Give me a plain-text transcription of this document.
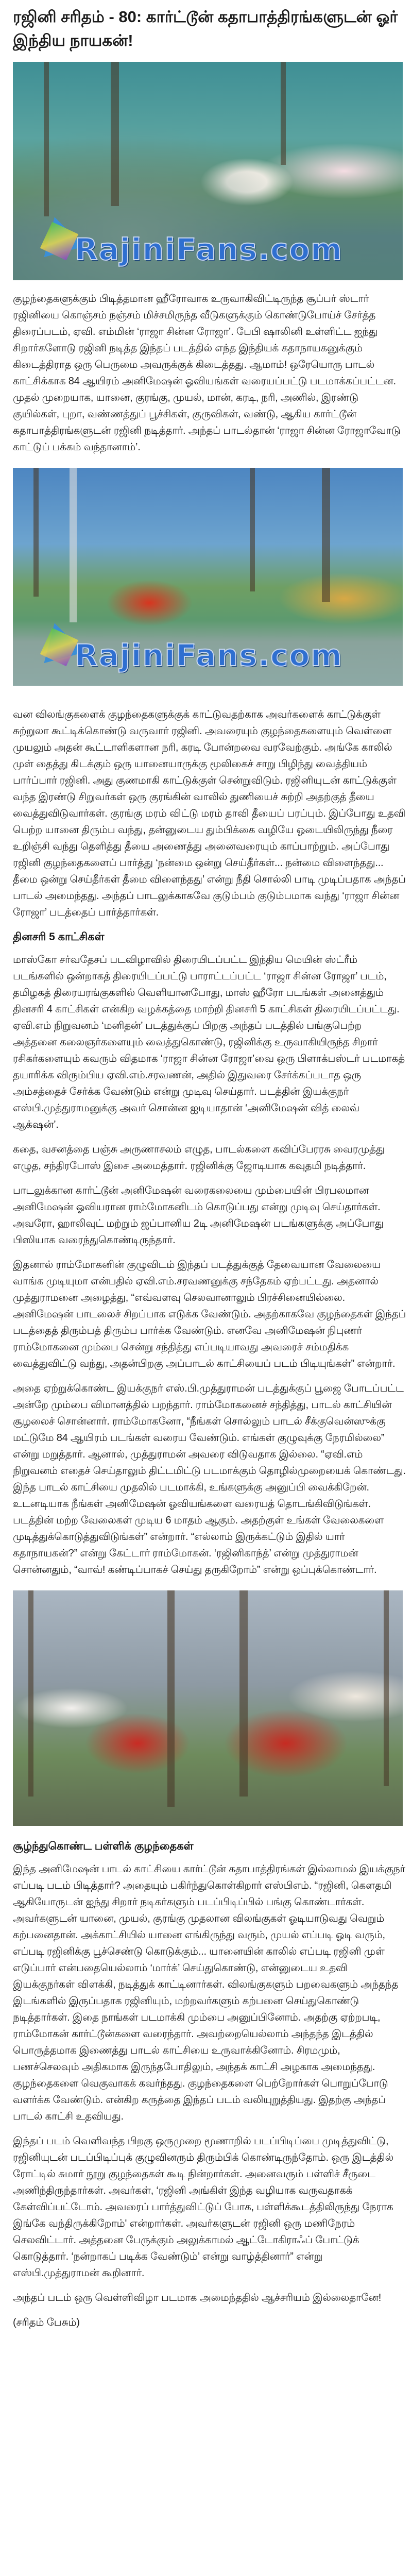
ரஜினி சரிதம் - 80: கார்ட்டூன் கதாபாத்திரங்களுடன் ஓர் இந்திய நாயகன்!
RajiniFans.com

குழந்தைகளுக்கும் பிடித்தமான ஹீரோவாக உருவாகிவிட்டிருந்த சூப்பர் ஸ்டார் ரஜினியை கொஞ்சம் நஞ்சம் மிச்சமிருந்த வீடுகளுக்கும் கொண்டுபோய்ச் சேர்த்த திரைப்படம், ஏவி. எம்மின் ‘ராஜா சின்ன ரோஜா’. பேபி ஷாலினி உள்ளிட்ட ஐந்து சிறார்களோடு ரஜினி நடித்த இந்தப் படத்தில் எந்த இந்தியக் கதாநாயகனுக்கும் கிடைத்திராத ஒரு பெருமை அவருக்குக் கிடைத்தது. ஆமாம்! ஒரேயொரு பாடல் காட்சிக்காக 84 ஆயிரம் அனிமேஷன் ஓவியங்கள் வரையப்பட்டு படமாக்கப்பட்டன. முதல் முறையாக, யானை, குரங்கு, முயல், மான், கரடி, நரி, அணில், இரண்டு குயில்கள், புறா, வண்ணத்துப் பூச்சிகள், குருவிகள், வண்டு, ஆகிய கார்ட்டூன் கதாபாத்திரங்களுடன் ரஜினி நடித்தார். அந்தப் பாடல்தான் ‘ராஜா சின்ன ரோஜாவோடு காட்டுப் பக்கம் வந்தானாம்’.

RajiniFans.com

வன விலங்குகளைக் குழந்தைகளுக்குக் காட்டுவதற்காக அவர்களைக் காட்டுக்குள் சுற்றுலா கூட்டிக்கொண்டு வருவார் ரஜினி. அவரையும் குழந்தைகளையும் வெள்ளை முயலும் அதன் கூட்டாளிகளான நரி, கரடி போன்றவை வரவேற்கும். அங்கே காலில் முள் தைத்து கிடக்கும் ஒரு யானையாருக்கு மூலிகைச் சாறு பிழிந்து வைத்தியம் பார்ப்பார் ரஜினி. அது குணமாகி காட்டுக்குள் சென்றுவிடும். ரஜினியுடன் காட்டுக்குள் வந்த இரண்டு சிறுவர்கள் ஒரு குரங்கின் வாலில் துணியைச் சுற்றி அதற்குத் தீயை வைத்துவிடுவார்கள். குரங்கு மரம் விட்டு மரம் தாவி தீயைப் பரப்பும். இப்போது உதவி பெற்ற யானை திரும்ப வந்து, தன்னுடைய தும்பிக்கை வழியே ஓடையிலிருந்து நீரை உறிஞ்சி வந்து தெளித்து தீயை அணைத்து அனைவரையும் காப்பாற்றும். அப்போது ரஜினி குழந்தைகளைப் பார்த்து ‘நன்மை ஒன்று செய்தீர்கள்... நன்மை விளைந்தது... தீமை ஒன்று செய்தீர்கள் தீமை விளைந்தது’ என்று நீதி சொல்லி பாடி முடிப்பதாக அந்தப் பாடல் அமைந்தது. அந்தப் பாடலுக்காகவே குடும்பம் குடும்பமாக வந்து ‘ராஜா சின்ன ரோஜா’ படத்தைப் பார்த்தார்கள்.

தினசரி 5 காட்சிகள்

மாஸ்கோ சர்வதேசப் படவிழாவில் திரையிடப்பட்ட இந்திய மெயின் ஸ்ட்ரீம் படங்களில் ஒன்றாகத் திரையிடப்பட்டு பாராட்டப்பட்ட ‘ராஜா சின்ன ரோஜா’ படம், தமிழகத் திரையரங்குகளில் வெளியானபோது, மாஸ் ஹீரோ படங்கள் அனைத்தும் தினசரி 4 காட்சிகள் என்கிற வழக்கத்தை மாற்றி தினசரி 5 காட்சிகள் திரையிடப்பட்டது. ஏவி.எம் நிறுவனம் ‘மனிதன்’ படத்துக்குப் பிறகு அந்தப் படத்தில் பங்குபெற்ற அத்தனை கலைஞர்களையும் வைத்துகொண்டு, ரஜினிக்கு உருவாகியிருந்த சிறார் ரசிகர்களையும் கவரும் விதமாக ‘ராஜா சின்ன ரோஜா’வை ஒரு பிளாக்பஸ்டர் படமாகத் தயாரிக்க விரும்பிய ஏவி.எம்.சரவணன், அதில் இதுவரை சேர்க்கப்படாத ஒரு அம்சத்தைச் சேர்க்க வேண்டும் என்று முடிவு செய்தார். படத்தின் இயக்குநர் எஸ்பி.முத்துராமனுக்கு அவர் சொன்ன ஐடியாதான் ‘அனிமேஷன் வித் லைவ் ஆக்‌ஷன்’.

கதை, வசனத்தை பஞ்சு அருணாசலம் எழுத, பாடல்களை கவிப்பேரரசு வைரமுத்து எழுத, சந்திரபோஸ் இசை அமைத்தார். ரஜினிக்கு ஜோடியாக கவுதமி நடித்தார்.

பாடலுக்கான கார்ட்டூன் அனிமேஷன் வரைகலையை மும்பையின் பிரபலமான அனிமேஷன் ஓவியரான ராம்மோகனிடம் கொடுப்பது என்று முடிவு செய்தார்கள். அவரோ, ஹாலிவுட் மற்றும் ஜப்பானிய 2டி அனிமேஷன் படங்களுக்கு அப்போது பிஸியாக வரைந்துகொண்டிருந்தார்.

இதனால் ராம்மோகனின் குழுவிடம் இந்தப் படத்துக்குத் தேவையான வேலையை வாங்க முடியுமா என்பதில் ஏவி.எம்.சரவணனுக்கு சந்தேகம் ஏற்பட்டது. அதனால் முத்துராமனை அழைத்து, “எவ்வளவு செலவானாலும் பிரச்சினையில்லை. அனிமேஷன் பாடலைச் சிறப்பாக எடுக்க வேண்டும். அதற்காகவே குழந்தைகள் இந்தப் படத்தைத் திரும்பத் திரும்ப பார்க்க வேண்டும். எனவே அனிமேஷன் நிபுணர் ராம்மோகனை மும்பை சென்று சந்தித்து எப்படியாவது அவரைச் சம்மதிக்க வைத்துவிட்டு வந்து, அதன்பிறகு அப்பாடல் காட்சியைப் படம் பிடியுங்கள்” என்றார்.

அதை ஏற்றுக்கொண்ட இயக்குநர் எஸ்.பி.முத்துராமன் படத்துக்குப் பூஜை போடப்பட்ட அன்றே மும்பை விமானத்தில் பறந்தார். ராம்மோகனைச் சந்தித்து, பாடல் காட்சியின் சூழலைச் சொன்னார். ராம்மோகனோ, “நீங்கள் சொல்லும் பாடல் சீக்குவென்ஸுக்கு மட்டுமே 84 ஆயிரம் படங்கள் வரைய வேண்டும். எங்கள் குழுவுக்கு நேரமில்லை” என்று மறுத்தார். ஆனால், முத்துராமன் அவரை விடுவதாக இல்லை. “ஏவி.எம் நிறுவனம் எதைச் செய்தாலும் திட்டமிட்டு படமாக்கும் தொழில்முறையைக் கொண்டது. இந்த பாடல் காட்சியை முதலில் படமாக்கி, உங்களுக்கு அனுப்பி வைக்கிறேன். உடனடியாக நீங்கள் அனிமேஷன் ஓவியங்களை வரையத் தொடங்கிவிடுங்கள். படத்தின் மற்ற வேலைகள் முடிய 6 மாதம் ஆகும். அதற்குள் உங்கள் வேலைகளை முடித்துக்கொடுத்துவிடுங்கள்” என்றார். “எல்லாம் இருக்கட்டும் இதில் யார் கதாநாயகன்?” என்று கேட்டார் ராம்மோகன். ‘ரஜினிகாந்த்’ என்று முத்துராமன் சொன்னதும், “வாவ்! கண்டிப்பாகச் செய்து தருகிறோம்” என்று ஒப்புக்கொண்டார்.

சூழ்ந்துகொண்ட பள்ளிக் குழந்தைகள்

இந்த அனிமேஷன் பாடல் காட்சியை கார்ட்டூன் கதாபாத்திரங்கள் இல்லாமல் இயக்குநர் எப்படி படம் பிடித்தார்? அதையும் பகிர்ந்துகொள்கிறார் எஸ்பிஎம். “ரஜினி, கௌதமி ஆகியோருடன் ஐந்து சிறார் நடிகர்களும் படப்பிடிப்பில் பங்கு கொண்டார்கள். அவர்களுடன் யானை, முயல், குரங்கு முதலான விலங்குகள் ஓடியாடுவது வெறும் கற்பனைதான். அக்காட்சியில் யானை எங்கிருந்து வரும், முயல் எப்படி ஓடி வரும், எப்படி ரஜினிக்கு பூச்செண்டு கொடுக்கும்... யானையின் காலில் எப்படி ரஜினி முள் எடுப்பார் என்பதையெல்லாம் ‘மார்க்’ செய்துகொண்டு, என்னுடைய உதவி இயக்குநர்கள் விளக்கி, நடித்துக் காட்டினார்கள். விலங்குகளும் பறவைகளும் அந்தந்த இடங்களில் இருப்பதாக ரஜினியும், மற்றவர்களும் கற்பனை செய்துகொண்டு நடித்தார்கள். இதை நாங்கள் படமாக்கி மும்பை அனுப்பினோம். அதற்கு ஏற்றபடி, ராம்மோகன் கார்ட்டூன்களை வரைந்தார். அவற்றையெல்லாம் அந்தந்த இடத்தில் பொருத்தமாக இணைத்து பாடல் காட்சியை உருவாக்கினோம். சிரமமும், பணச்செலவும் அதிகமாக இருந்தபோதிலும், அந்தக் காட்சி அழகாக அமைந்தது. குழந்தைகளை வெகுவாகக் கவர்ந்தது. குழந்தைகளை பெற்றோர்கள் பொறுப்போடு வளர்க்க வேண்டும். என்கிற கருத்தை இந்தப் படம் வலியுறுத்தியது. இதற்கு அந்தப் பாடல் காட்சி உதவியது.

இந்தப் படம் வெளிவந்த பிறகு ஒருமுறை மூணாறில் படப்பிடிப்பை முடித்துவிட்டு, ரஜினியுடன் படப்பிடிப்புக் குழுவினரும் திரும்பிக் கொண்டிருந்தோம். ஒரு இடத்தில் ரோட்டில் சுமார் நூறு குழந்தைகள் கூடி நின்றார்கள். அனைவரும் பள்ளிச் சீருடை அணிந்திருந்தார்கள். அவர்கள், ‘ரஜினி அங்கிள் இந்த வழியாக வருவதாகக் கேள்விப்பட்டோம். அவரைப் பார்த்துவிட்டுப் போக, பள்ளிக்கூடத்திலிருந்து நேராக இங்கே வந்திருக்கிறோம்' என்றார்கள். அவர்களுடன் ரஜினி ஒரு மணிநேரம் செலவிட்டார். அத்தனை பேருக்கும் அலுக்காமல் ஆட்டோகிராஃப் போட்டுக் கொடுத்தார். ‘நன்றாகப் படிக்க வேண்டும்’ என்று வாழ்த்தினார்” என்று எஸ்பி.முத்துராமன் கூறினார்.

அந்தப் படம் ஒரு வெள்ளிவிழா படமாக அமைந்ததில் ஆச்சரியம் இல்லைதானே!

(சரிதம் பேசும்)
